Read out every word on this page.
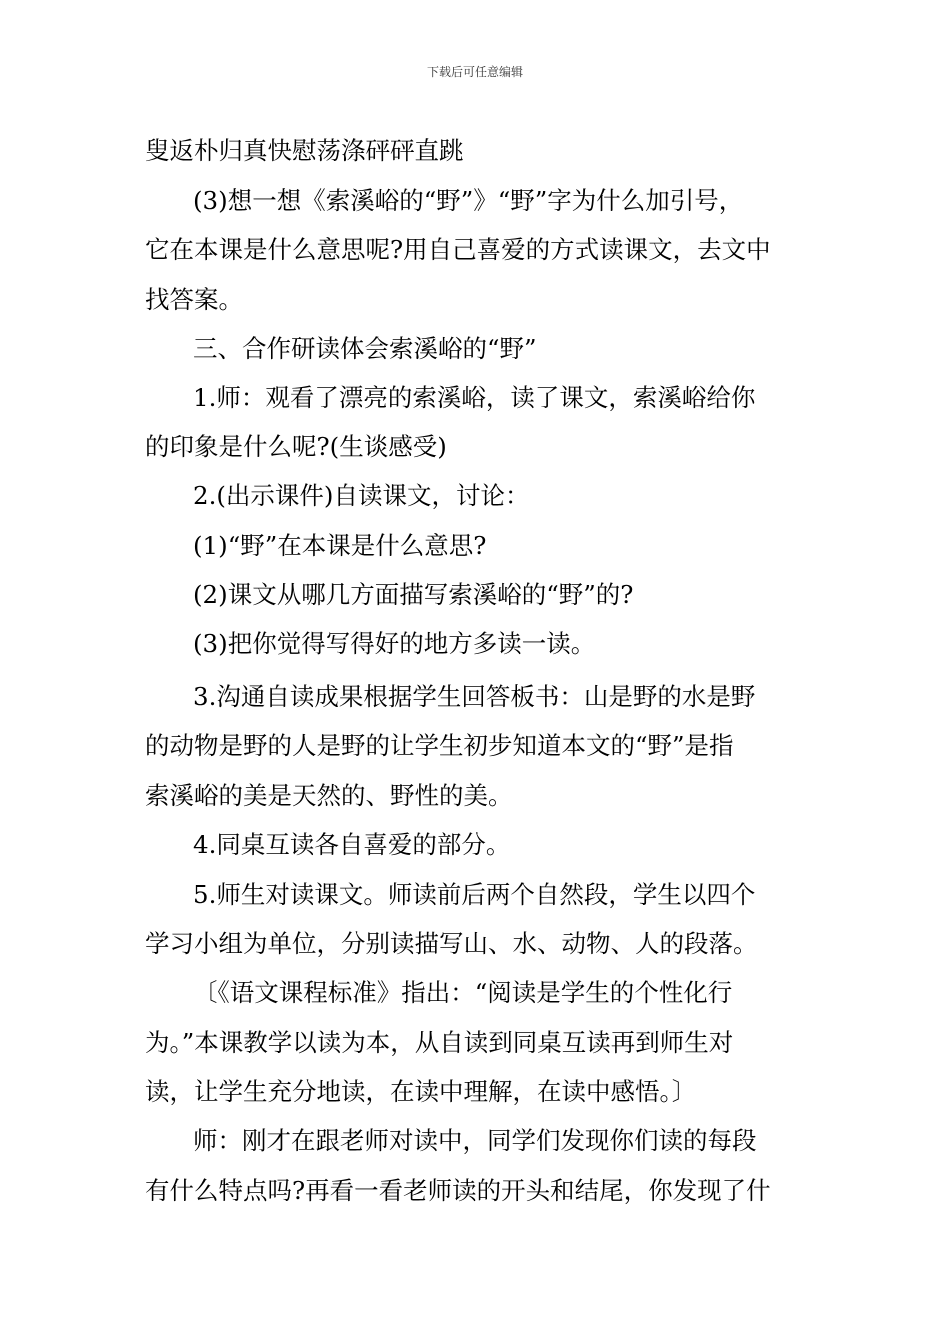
下载后可任意编辑
叟返朴归真快慰荡涤砰砰直跳
(3)想一想《索溪峪的“野”》“野”字为什么加引号，
它在本课是什么意思呢?用自己喜爱的方式读课文，去文中
找答案。
三、合作研读体会索溪峪的“野”
1.师：观看了漂亮的索溪峪，读了课文，索溪峪给你
的印象是什么呢?(生谈感受)
2.(出示课件)自读课文，讨论：
(1)“野”在本课是什么意思?
(2)课文从哪几方面描写索溪峪的“野”的?
(3)把你觉得写得好的地方多读一读。
3.沟通自读成果根据学生回答板书：山是野的水是野
的动物是野的人是野的让学生初步知道本文的“野”是指
索溪峪的美是天然的、野性的美。
4.同桌互读各自喜爱的部分。
5.师生对读课文。师读前后两个自然段，学生以四个
学习小组为单位，分别读描写山、水、动物、人的段落。
〔《语文课程标准》指出：“阅读是学生的个性化行
为。”本课教学以读为本，从自读到同桌互读再到师生对
读，让学生充分地读，在读中理解，在读中感悟。〕
师：刚才在跟老师对读中，同学们发现你们读的每段
有什么特点吗?再看一看老师读的开头和结尾，你发现了什
